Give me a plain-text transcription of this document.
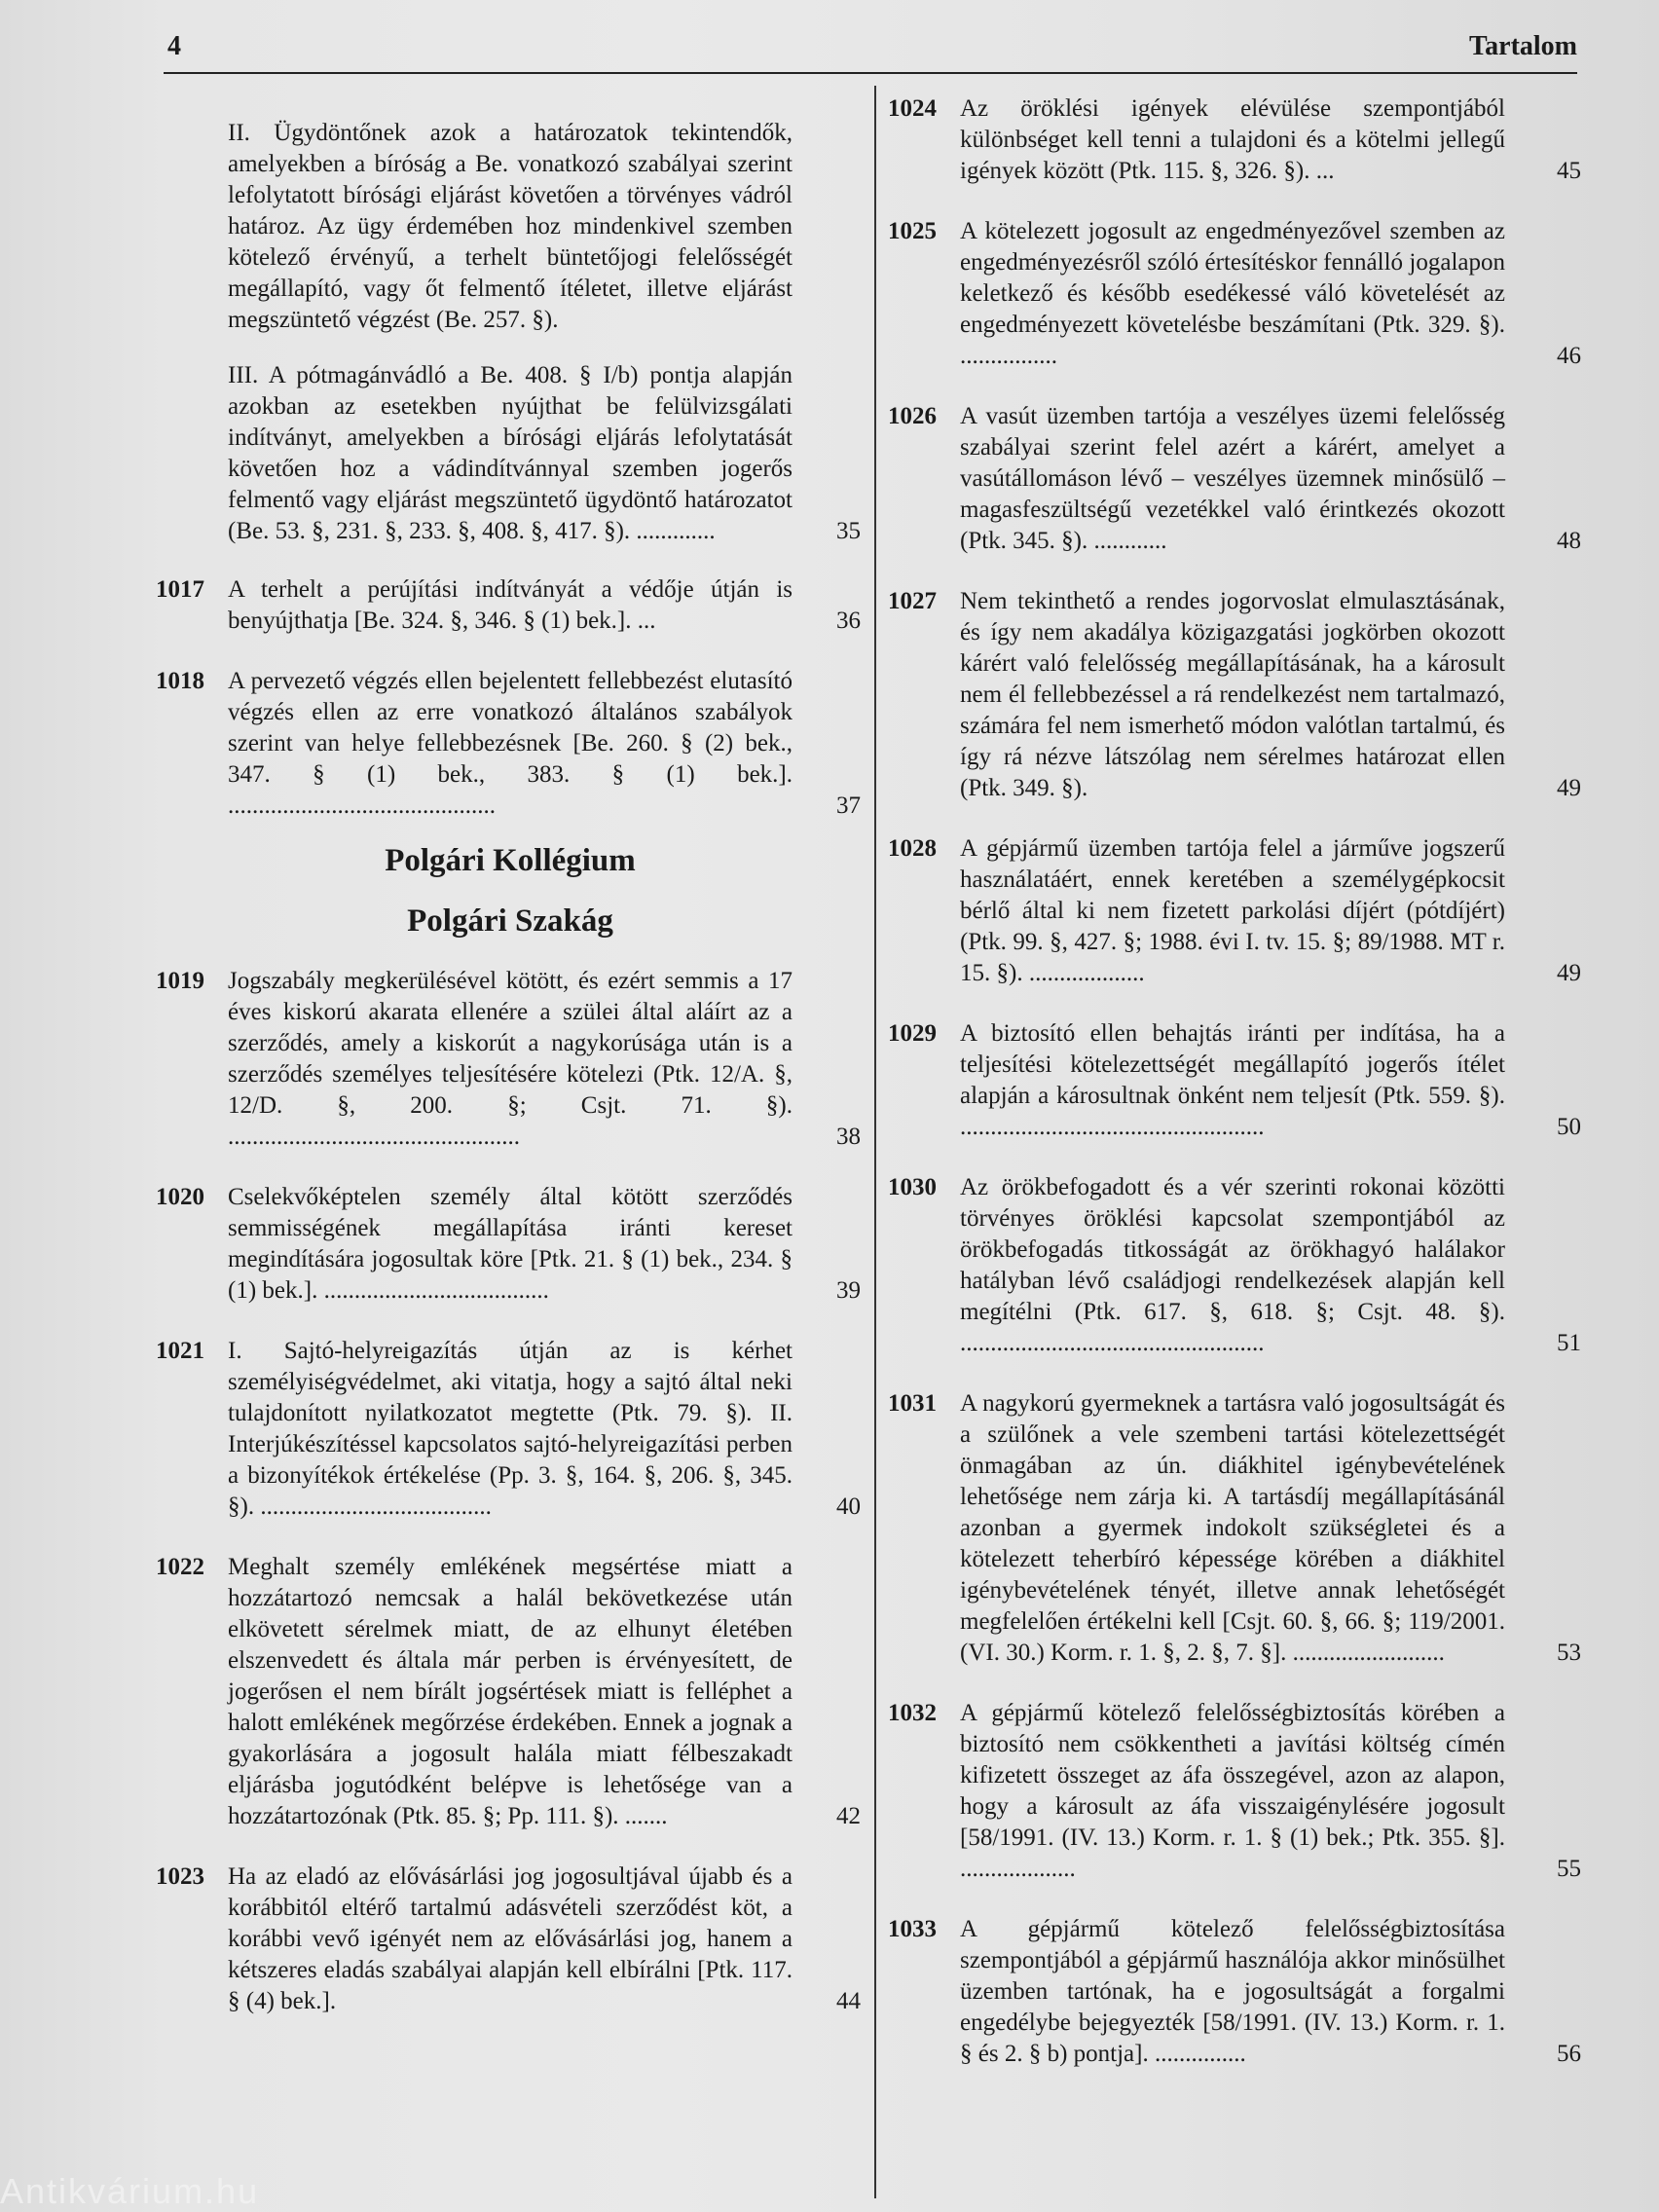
4	Tartalom

II. Ügydöntőnek azok a határozatok tekintendők, amelyekben a bíróság a Be. vonatkozó szabályai szerint lefolytatott bírósági eljárást követően a törvényes vádról határoz. Az ügy érdemében hoz mindenkivel szemben kötelező érvényű, a terhelt büntetőjogi felelősségét megállapító, vagy őt felmentő ítéletet, illetve eljárást megszüntető végzést (Be. 257. §).

III. A pótmagánvádló a Be. 408. § I/b) pontja alapján azokban az esetekben nyújthat be felülvizsgálati indítványt, amelyekben a bírósági eljárás lefolytatását követően hoz a vádindítvánnyal szemben jogerős felmentő vagy eljárást megszüntető ügydöntő határozatot (Be. 53. §, 231. §, 233. §, 408. §, 417. §). .............	35
1017 A terhelt a perújítási indítványát a védője útján is benyújthatja [Be. 324. §, 346. § (1) bek.]. ...	36
1018 A pervezető végzés ellen bejelentett fellebbezést elutasító végzés ellen az erre vonatkozó általános szabályok szerint van helye fellebbezésnek [Be. 260. § (2) bek., 347. § (1) bek., 383. § (1) bek.]. ............................................	37
Polgári Kollégium
Polgári Szakág
1019 Jogszabály megkerülésével kötött, és ezért semmis a 17 éves kiskorú akarata ellenére a szülei által aláírt az a szerződés, amely a kiskorút a nagykorúsága után is a szerződés személyes teljesítésére kötelezi (Ptk. 12/A. §, 12/D. §, 200. §; Csjt. 71. §). ................................................	38
1020 Cselekvőképtelen személy által kötött szerződés semmisségének megállapítása iránti kereset megindítására jogosultak köre [Ptk. 21. § (1) bek., 234. § (1) bek.]. .....................................	39
1021 I. Sajtó-helyreigazítás útján az is kérhet személyiségvédelmet, aki vitatja, hogy a sajtó által neki tulajdonított nyilatkozatot megtette (Ptk. 79. §). II. Interjúkészítéssel kapcsolatos sajtó-helyreigazítási perben a bizonyítékok értékelése (Pp. 3. §, 164. §, 206. §, 345. §). ......................................	40
1022 Meghalt személy emlékének megsértése miatt a hozzátartozó nemcsak a halál bekövetkezése után elkövetett sérelmek miatt, de az elhunyt életében elszenvedett és általa már perben is érvényesített, de jogerősen el nem bírált jogsértések miatt is felléphet a halott emlékének megőrzése érdekében. Ennek a jognak a gyakorlására a jogosult halála miatt félbeszakadt eljárásba jogutódként belépve is lehetősége van a hozzátartozónak (Ptk. 85. §; Pp. 111. §). .......	42
1023 Ha az eladó az elővásárlási jog jogosultjával újabb és a korábbitól eltérő tartalmú adásvételi szerződést köt, a korábbi vevő igényét nem az elővásárlási jog, hanem a kétszeres eladás szabályai alapján kell elbírálni [Ptk. 117. § (4) bek.].	44
1024 Az öröklési igények elévülése szempontjából különbséget kell tenni a tulajdoni és a kötelmi jellegű igények között (Ptk. 115. §, 326. §). ...	45
1025 A kötelezett jogosult az engedményezővel szemben az engedményezésről szóló értesítéskor fennálló jogalapon keletkező és később esedékessé váló követelését az engedményezett követelésbe beszámítani (Ptk. 329. §). ................	46
1026 A vasút üzemben tartója a veszélyes üzemi felelősség szabályai szerint felel azért a kárért, amelyet a vasútállomáson lévő – veszélyes üzemnek minősülő – magasfeszültségű vezetékkel való érintkezés okozott (Ptk. 345. §). ............	48
1027 Nem tekinthető a rendes jogorvoslat elmulasztásának, és így nem akadálya közigazgatási jogkörben okozott kárért való felelősség megállapításának, ha a károsult nem él fellebbezéssel a rá rendelkezést nem tartalmazó, számára fel nem ismerhető módon valótlan tartalmú, és így rá nézve látszólag nem sérelmes határozat ellen (Ptk. 349. §).	49
1028 A gépjármű üzemben tartója felel a járműve jogszerű használatáért, ennek keretében a személygépkocsit bérlő által ki nem fizetett parkolási díjért (pótdíjért) (Ptk. 99. §, 427. §; 1988. évi I. tv. 15. §; 89/1988. MT r. 15. §). ...................	49
1029 A biztosító ellen behajtás iránti per indítása, ha a teljesítési kötelezettségét megállapító jogerős ítélet alapján a károsultnak önként nem teljesít (Ptk. 559. §). ..................................................	50
1030 Az örökbefogadott és a vér szerinti rokonai közötti törvényes öröklési kapcsolat szempontjából az örökbefogadás titkosságát az örökhagyó halálakor hatályban lévő családjogi rendelkezések alapján kell megítélni (Ptk. 617. §, 618. §; Csjt. 48. §). ..................................................	51
1031 A nagykorú gyermeknek a tartásra való jogosultságát és a szülőnek a vele szembeni tartási kötelezettségét önmagában az ún. diákhitel igénybevételének lehetősége nem zárja ki. A tartásdíj megállapításánál azonban a gyermek indokolt szükségletei és a kötelezett teherbíró képessége körében a diákhitel igénybevételének tényét, illetve annak lehetőségét megfelelően értékelni kell [Csjt. 60. §, 66. §; 119/2001. (VI. 30.) Korm. r. 1. §, 2. §, 7. §]. .........................	53
1032 A gépjármű kötelező felelősségbiztosítás körében a biztosító nem csökkentheti a javítási költség címén kifizetett összeget az áfa összegével, azon az alapon, hogy a károsult az áfa visszaigénylésére jogosult [58/1991. (IV. 13.) Korm. r. 1. § (1) bek.; Ptk. 355. §]. ...................	55
1033 A gépjármű kötelező felelősségbiztosítása szempontjából a gépjármű használója akkor minősülhet üzemben tartónak, ha e jogosultságát a forgalmi engedélybe bejegyezték [58/1991. (IV. 13.) Korm. r. 1. § és 2. § b) pontja]. ...............	56
Antikvárium.hu
